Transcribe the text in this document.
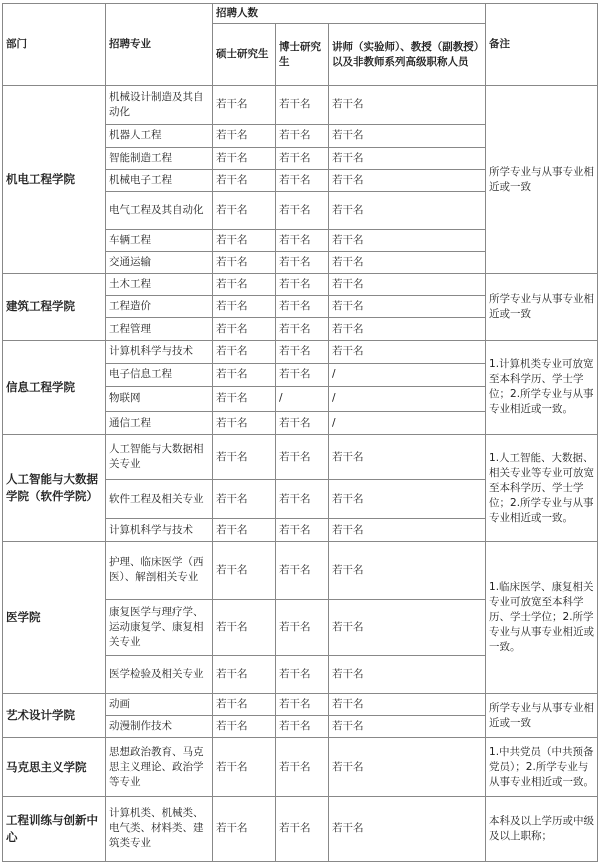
部门	招聘专业	招聘人数			备注
		硕士研究生	博士研究生	讲师（实验师）、教授（副教授）以及非教师系列高级职称人员	
机电工程学院	机械设计制造及其自动化	若干名	若干名	若干名	所学专业与从事专业相近或一致
	机器人工程	若干名	若干名	若干名	
	智能制造工程	若干名	若干名	若干名	
	机械电子工程	若干名	若干名	若干名	
	电气工程及其自动化	若干名	若干名	若干名	
	车辆工程	若干名	若干名	若干名	
	交通运输	若干名	若干名	若干名	
建筑工程学院	土木工程	若干名	若干名	若干名	所学专业与从事专业相近或一致
	工程造价	若干名	若干名	若干名	
	工程管理	若干名	若干名	若干名	
信息工程学院	计算机科学与技术	若干名	若干名	若干名	1.计算机类专业可放宽至本科学历、学士学位；2.所学专业与从事专业相近或一致。
	电子信息工程	若干名	若干名	/	
	物联网	若干名	/	/	
	通信工程	若干名	若干名	/	
人工智能与大数据学院（软件学院）	人工智能与大数据相关专业	若干名	若干名	若干名	1.人工智能、大数据、相关专业等专业可放宽至本科学历、学士学位；2.所学专业与从事专业相近或一致。
	软件工程及相关专业	若干名	若干名	若干名	
	计算机科学与技术	若干名	若干名	若干名	
医学院	护理、临床医学（西医）、解剖相关专业	若干名	若干名	若干名	1.临床医学、康复相关专业可放宽至本科学历、学士学位；2.所学专业与从事专业相近或一致。
	康复医学与理疗学、运动康复学、康复相关专业	若干名	若干名	若干名	
	医学检验及相关专业	若干名	若干名	若干名	
艺术设计学院	动画	若干名	若干名	若干名	所学专业与从事专业相近或一致
	动漫制作技术	若干名	若干名	若干名	
马克思主义学院	思想政治教育、马克思主义理论、政治学等专业	若干名	若干名	若干名	1.中共党员（中共预备党员）；2.所学专业与从事专业相近或一致。
工程训练与创新中心	计算机类、机械类、电气类、材料类、建筑类专业	若干名	若干名	若干名	本科及以上学历或中级及以上职称；
